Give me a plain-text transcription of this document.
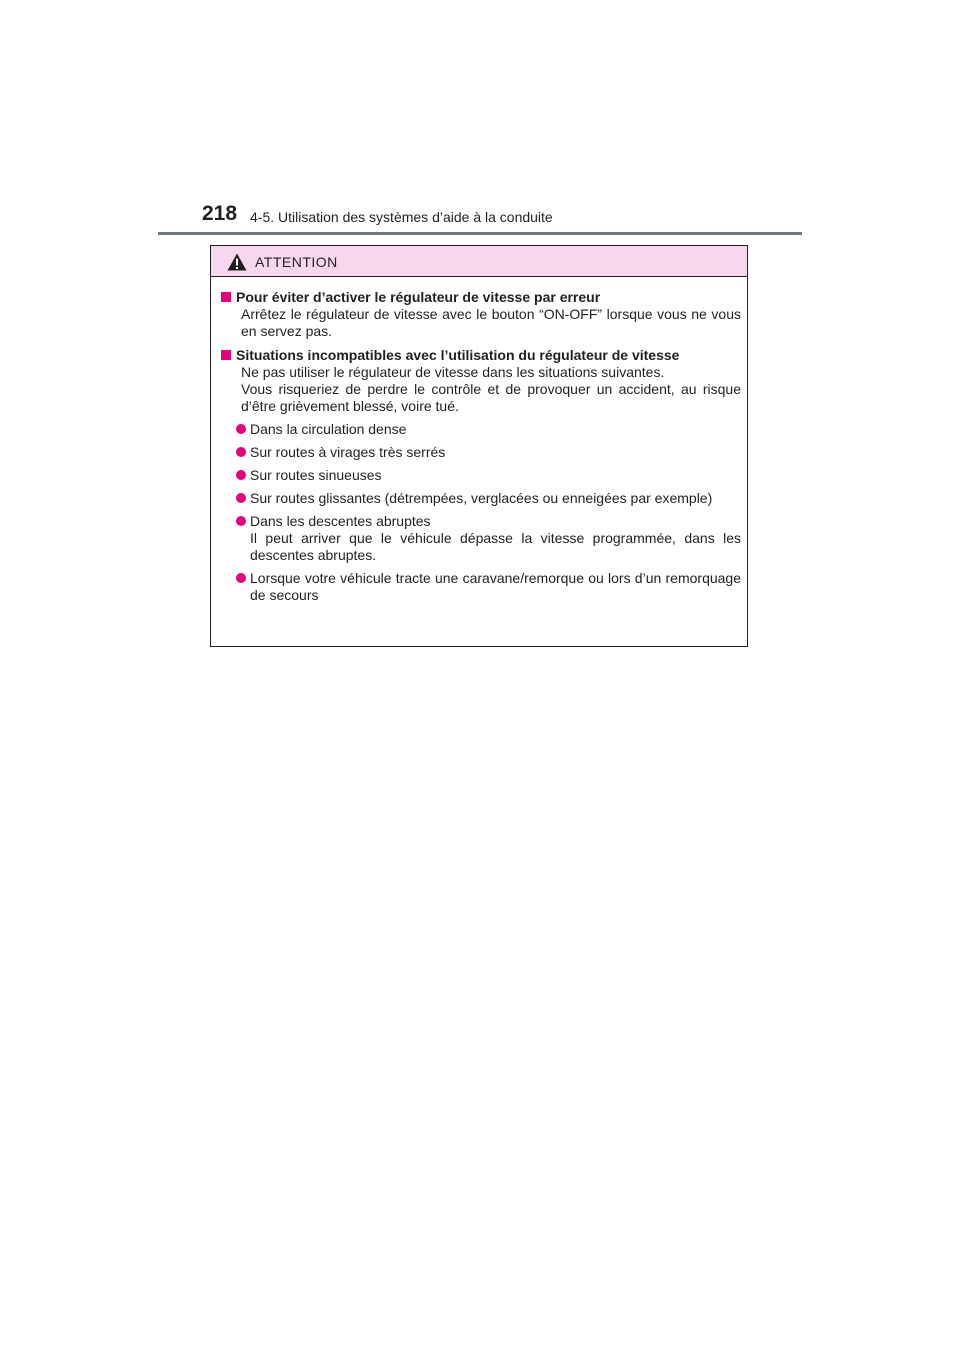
218 4-5. Utilisation des systèmes d’aide à la conduite
ATTENTION
Pour éviter d’activer le régulateur de vitesse par erreur
Arrêtez le régulateur de vitesse avec le bouton “ON-OFF” lorsque vous ne vous en servez pas.
Situations incompatibles avec l’utilisation du régulateur de vitesse
Ne pas utiliser le régulateur de vitesse dans les situations suivantes.
Vous risqueriez de perdre le contrôle et de provoquer un accident, au risque d’être grièvement blessé, voire tué.
Dans la circulation dense
Sur routes à virages très serrés
Sur routes sinueuses
Sur routes glissantes (détrempées, verglacées ou enneigées par exemple)
Dans les descentes abruptes
Il peut arriver que le véhicule dépasse la vitesse programmée, dans les descentes abruptes.
Lorsque votre véhicule tracte une caravane/remorque ou lors d’un remorquage de secours
